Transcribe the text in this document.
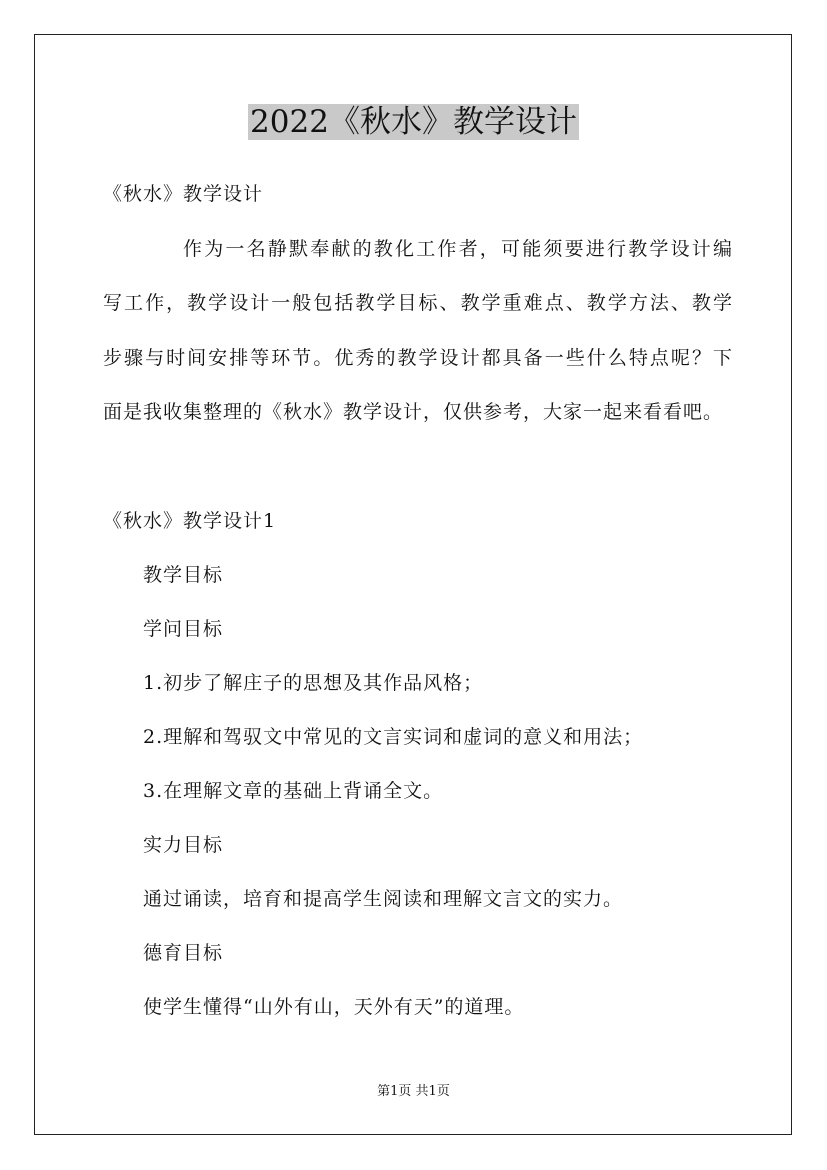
2022《秋水》教学设计

《秋水》教学设计

作为一名静默奉献的教化工作者，可能须要进行教学设计编

写工作，教学设计一般包括教学目标、教学重难点、教学方法、教学

步骤与时间安排等环节。优秀的教学设计都具备一些什么特点呢？下

面是我收集整理的《秋水》教学设计，仅供参考，大家一起来看看吧。

《秋水》教学设计1

教学目标

学问目标

1.初步了解庄子的思想及其作品风格；

2.理解和驾驭文中常见的文言实词和虚词的意义和用法；

3.在理解文章的基础上背诵全文。

实力目标

通过诵读，培育和提高学生阅读和理解文言文的实力。

德育目标

使学生懂得“山外有山，天外有天”的道理。

第1页 共1页
